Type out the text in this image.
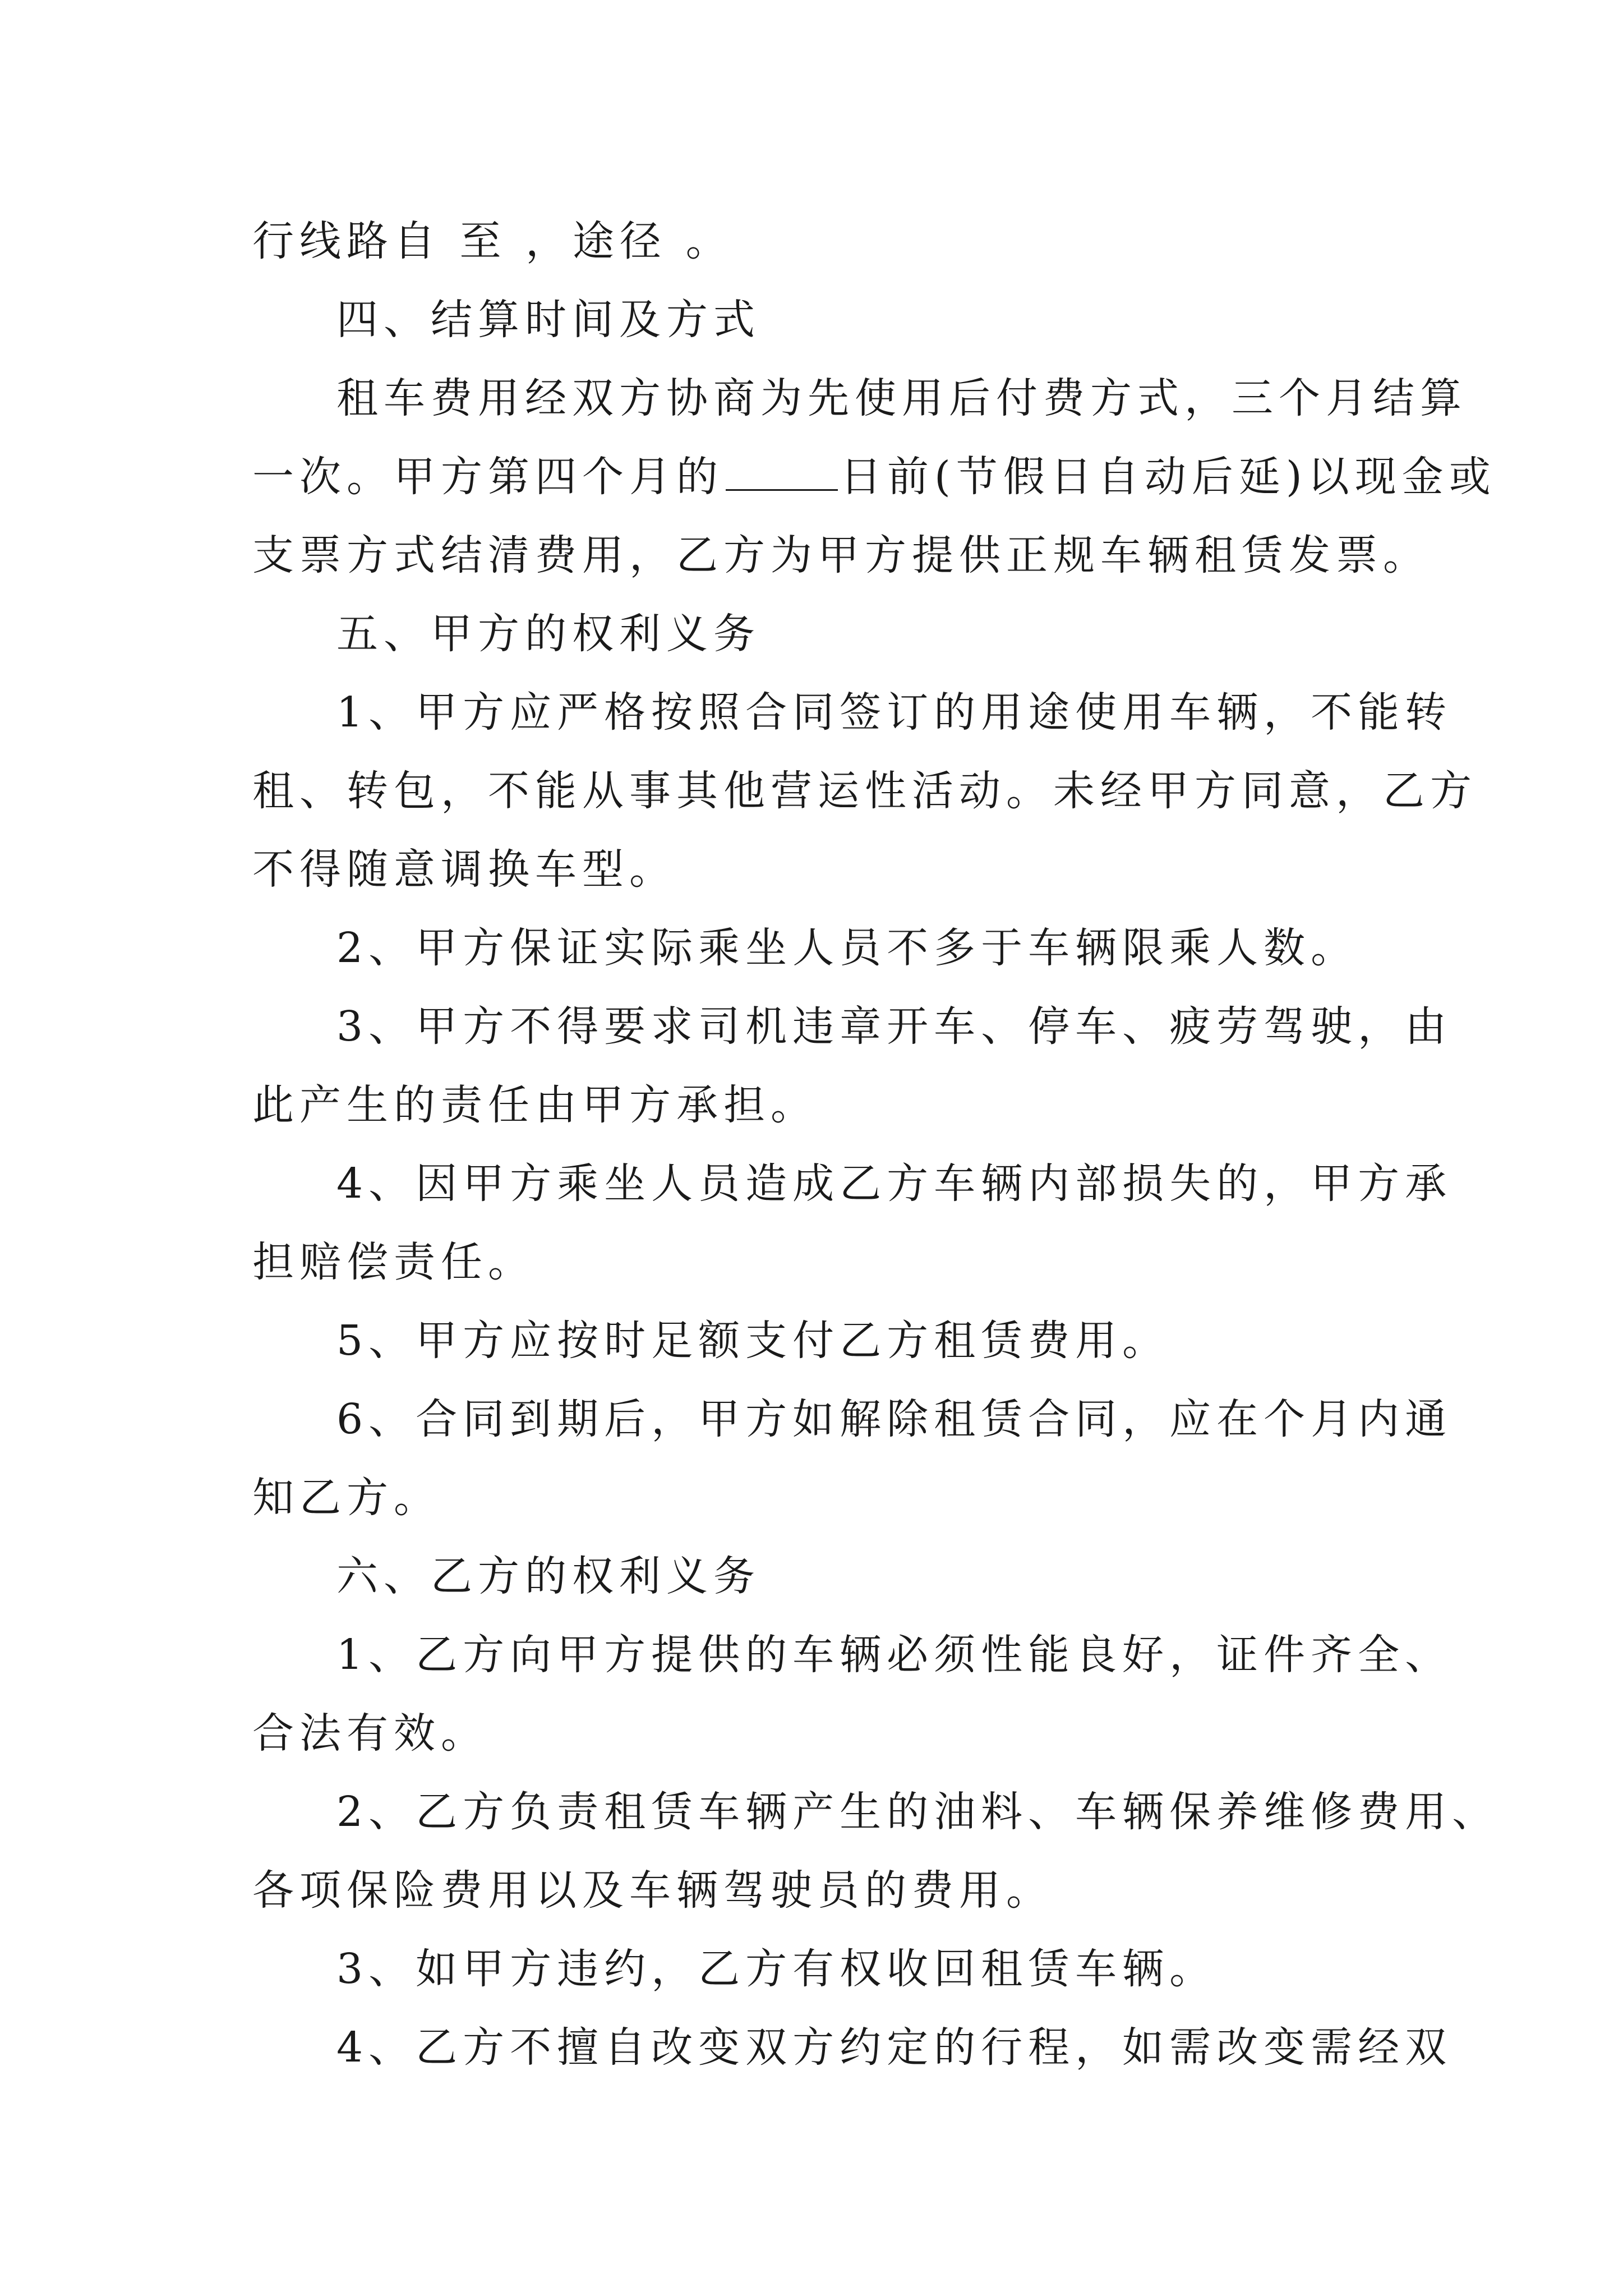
行线路自 至 ，途径 。
四、结算时间及方式
租车费用经双方协商为先使用后付费方式，三个月结算
一次。甲方第四个月的	日前(节假日自动后延)以现金或
支票方式结清费用，乙方为甲方提供正规车辆租赁发票。
五、甲方的权利义务
1、甲方应严格按照合同签订的用途使用车辆，不能转
租、转包，不能从事其他营运性活动。未经甲方同意，乙方
不得随意调换车型。
2、甲方保证实际乘坐人员不多于车辆限乘人数。
3、甲方不得要求司机违章开车、停车、疲劳驾驶，由
此产生的责任由甲方承担。
4、因甲方乘坐人员造成乙方车辆内部损失的，甲方承
担赔偿责任。
5、甲方应按时足额支付乙方租赁费用。
6、合同到期后，甲方如解除租赁合同，应在个月内通
知乙方。
六、乙方的权利义务
1、乙方向甲方提供的车辆必须性能良好，证件齐全、
合法有效。
2、乙方负责租赁车辆产生的油料、车辆保养维修费用、
各项保险费用以及车辆驾驶员的费用。
3、如甲方违约，乙方有权收回租赁车辆。
4、乙方不擅自改变双方约定的行程，如需改变需经双
